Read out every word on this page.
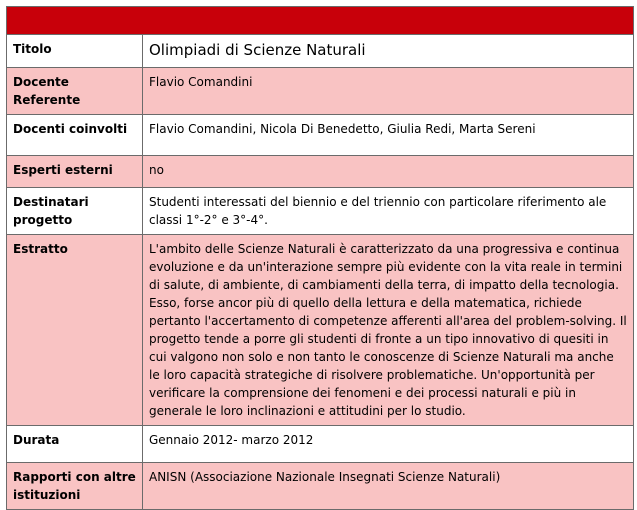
Titolo	Olimpiadi di Scienze Naturali
Docente Referente	Flavio Comandini
Docenti coinvolti	Flavio Comandini, Nicola Di Benedetto, Giulia Redi, Marta Sereni
Esperti esterni	no
Destinatari progetto	Studenti interessati del biennio e del triennio con particolare riferimento ale classi 1°-2° e 3°-4°.
Estratto	L'ambito delle Scienze Naturali è caratterizzato da una progressiva e continua evoluzione e da un'interazione sempre più evidente con la vita reale in termini di salute, di ambiente, di cambiamenti della terra, di impatto della tecnologia. Esso, forse ancor più di quello della lettura e della matematica, richiede pertanto l'accertamento di competenze afferenti all'area del problem-solving. Il progetto tende a porre gli studenti di fronte a un tipo innovativo di quesiti in cui valgono non solo e non tanto le conoscenze di Scienze Naturali ma anche le loro capacità strategiche di risolvere problematiche. Un'opportunità per verificare la comprensione dei fenomeni e dei processi naturali e più in generale le loro inclinazioni e attitudini per lo studio.
Durata	Gennaio 2012- marzo 2012
Rapporti con altre istituzioni	ANISN (Associazione Nazionale Insegnati Scienze Naturali)
